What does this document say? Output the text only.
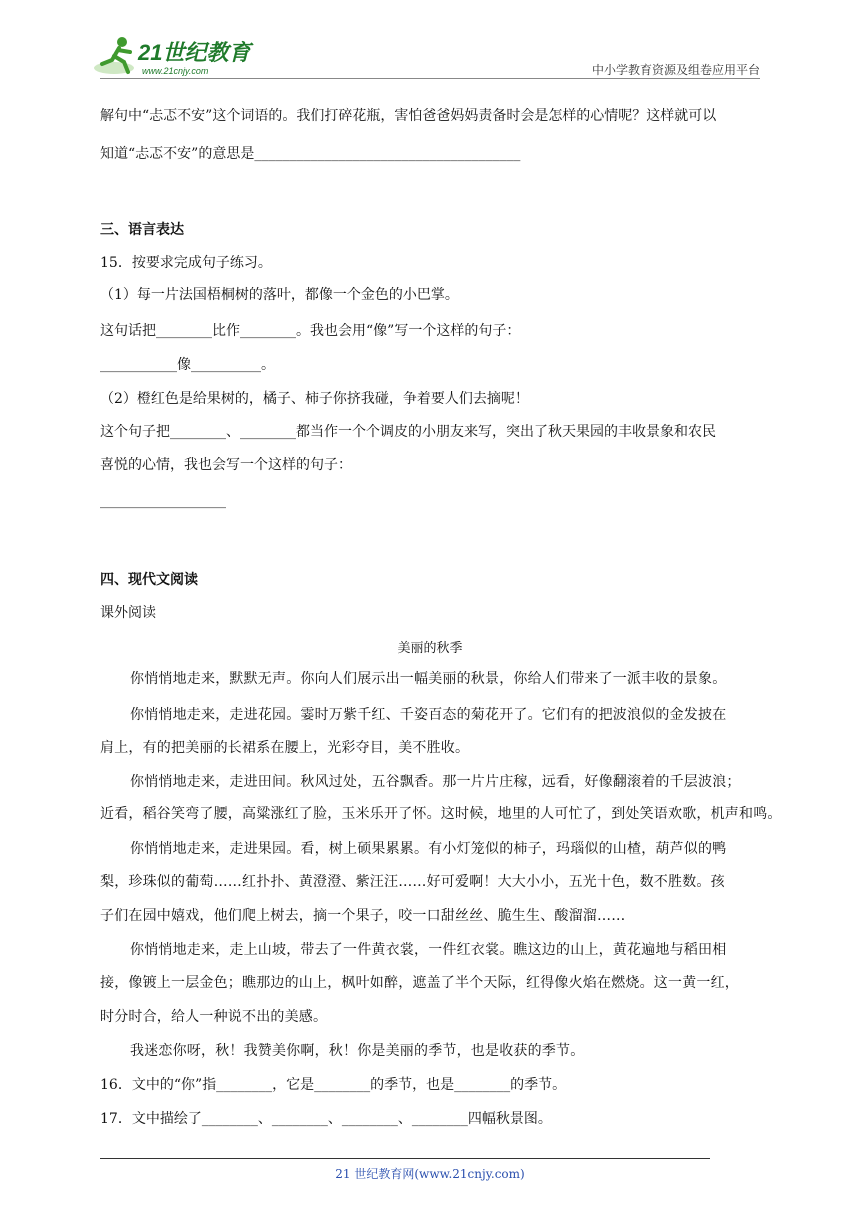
21世纪教育
www.21cnjy.com	中小学教育资源及组卷应用平台
解句中“忐忑不安”这个词语的。我们打碎花瓶，害怕爸爸妈妈责备时会是怎样的心情呢？这样就可以
知道“忐忑不安”的意思是______________________________________
三、语言表达
15．按要求完成句子练习。
（1）每一片法国梧桐树的落叶，都像一个金色的小巴掌。
这句话把________比作________。我也会用“像”写一个这样的句子：
___________像__________。
（2）橙红色是给果树的，橘子、柿子你挤我碰，争着要人们去摘呢！
这个句子把________、________都当作一个个调皮的小朋友来写，突出了秋天果园的丰收景象和农民
喜悦的心情，我也会写一个这样的句子：
__________________
四、现代文阅读
课外阅读
美丽的秋季
你悄悄地走来，默默无声。你向人们展示出一幅美丽的秋景，你给人们带来了一派丰收的景象。
你悄悄地走来，走进花园。霎时万紫千红、千姿百态的菊花开了。它们有的把波浪似的金发披在
肩上，有的把美丽的长裙系在腰上，光彩夺目，美不胜收。
你悄悄地走来，走进田间。秋风过处，五谷飘香。那一片片庄稼，远看，好像翻滚着的千层波浪；
近看，稻谷笑弯了腰，高粱涨红了脸，玉米乐开了怀。这时候，地里的人可忙了，到处笑语欢歌，机声和鸣。
你悄悄地走来，走进果园。看，树上硕果累累。有小灯笼似的柿子，玛瑙似的山楂，葫芦似的鸭
梨，珍珠似的葡萄……红扑扑、黄澄澄、紫汪汪……好可爱啊！大大小小，五光十色，数不胜数。孩
子们在园中嬉戏，他们爬上树去，摘一个果子，咬一口甜丝丝、脆生生、酸溜溜……
你悄悄地走来，走上山坡，带去了一件黄衣裳，一件红衣裳。瞧这边的山上，黄花遍地与稻田相
接，像镀上一层金色；瞧那边的山上，枫叶如醉，遮盖了半个天际，红得像火焰在燃烧。这一黄一红，
时分时合，给人一种说不出的美感。
我迷恋你呀，秋！我赞美你啊，秋！你是美丽的季节，也是收获的季节。
16．文中的“你”指________，它是________的季节，也是________的季节。
17．文中描绘了________、________、________、________四幅秋景图。
21 世纪教育网(www.21cnjy.com)
